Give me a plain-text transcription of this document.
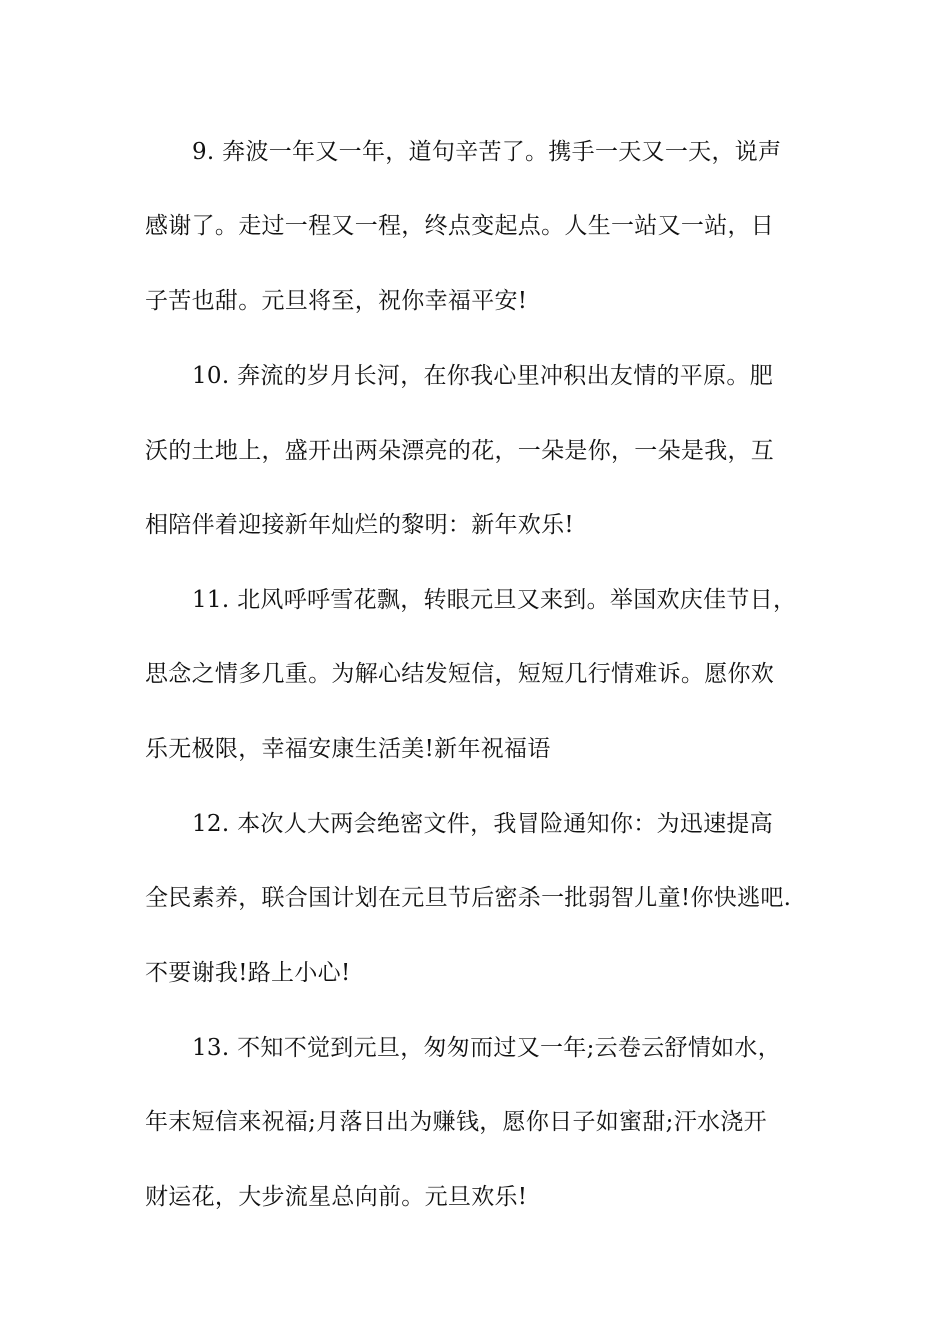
9. 奔波一年又一年，道句辛苦了。携手一天又一天，说声
感谢了。走过一程又一程，终点变起点。人生一站又一站，日
子苦也甜。元旦将至，祝你幸福平安!
10. 奔流的岁月长河，在你我心里冲积出友情的平原。肥
沃的土地上，盛开出两朵漂亮的花，一朵是你，一朵是我，互
相陪伴着迎接新年灿烂的黎明：新年欢乐!
11. 北风呼呼雪花飘，转眼元旦又来到。举国欢庆佳节日，
思念之情多几重。为解心结发短信，短短几行情难诉。愿你欢
乐无极限，幸福安康生活美!新年祝福语
12. 本次人大两会绝密文件，我冒险通知你：为迅速提高
全民素养，联合国计划在元旦节后密杀一批弱智儿童!你快逃吧.
不要谢我!路上小心!
13. 不知不觉到元旦，匆匆而过又一年;云卷云舒情如水，
年末短信来祝福;月落日出为赚钱，愿你日子如蜜甜;汗水浇开
财运花，大步流星总向前。元旦欢乐!
